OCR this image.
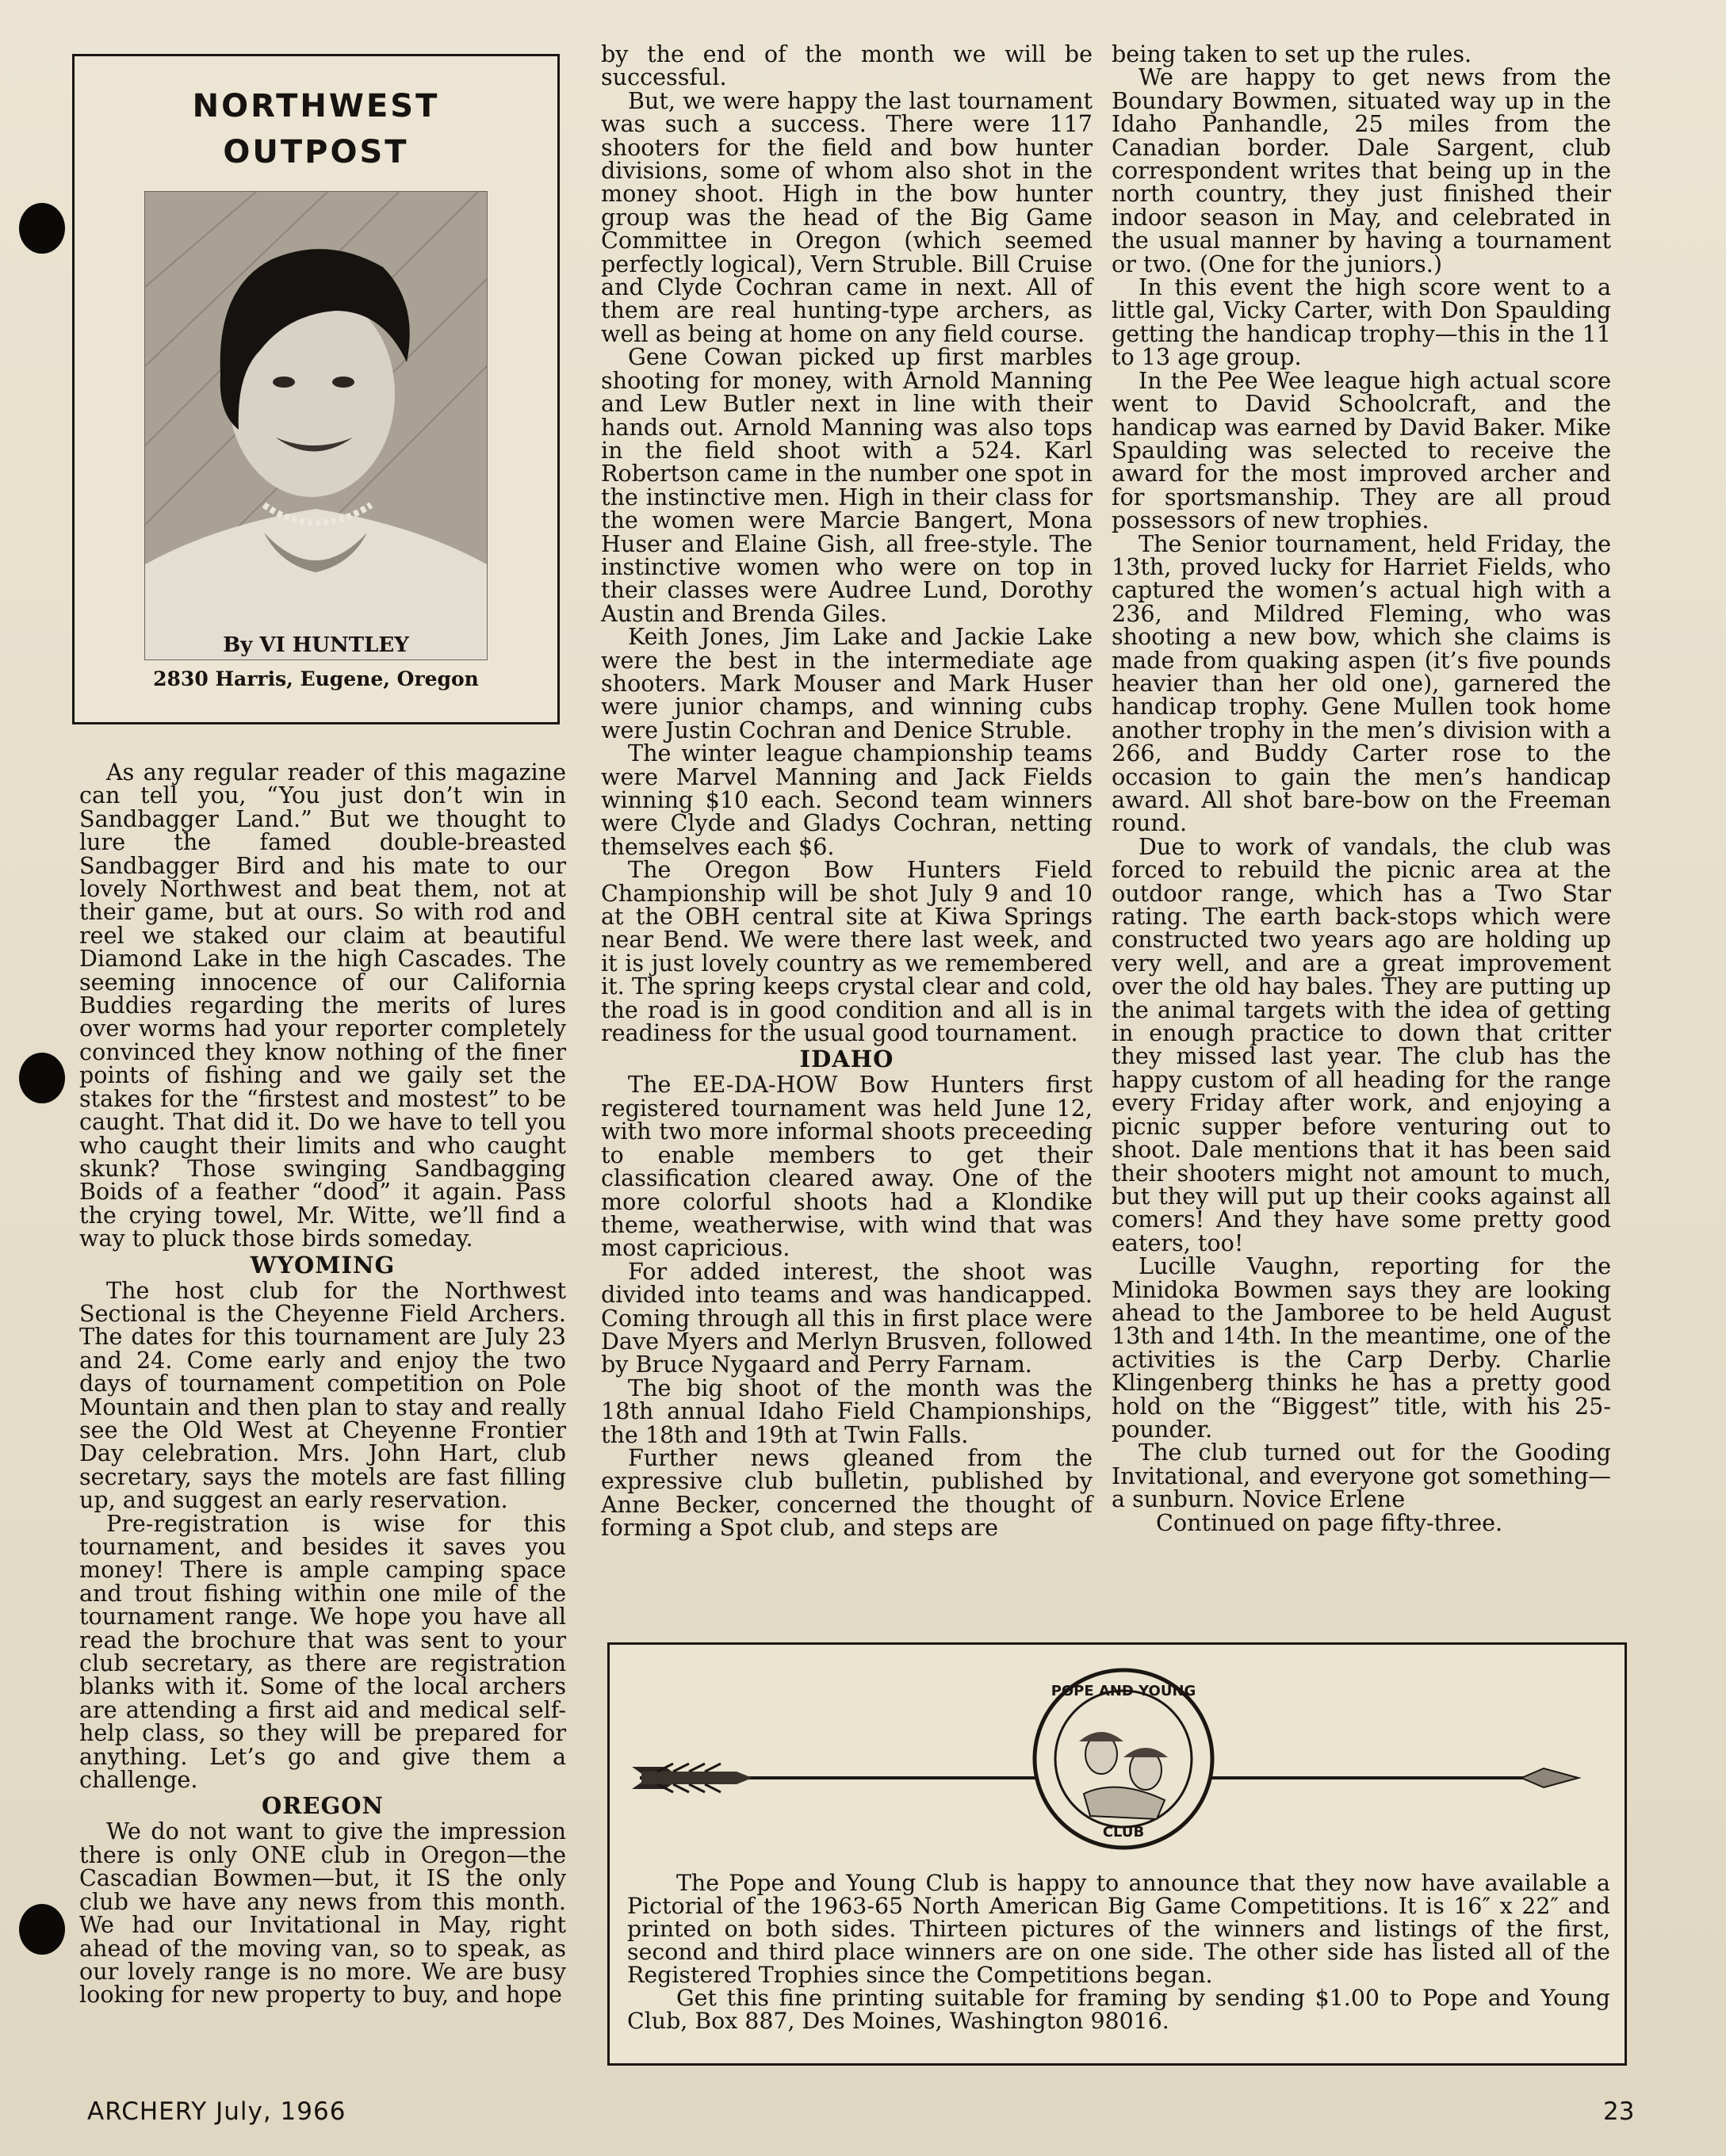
NORTHWEST
OUTPOST
By VI HUNTLEY
2830 Harris, Eugene, Oregon

As any regular reader of this magazine can tell you, “You just don’t win in Sandbagger Land.” But we thought to lure the famed double-breasted Sandbagger Bird and his mate to our lovely Northwest and beat them, not at their game, but at ours. So with rod and reel we staked our claim at beautiful Diamond Lake in the high Cascades. The seeming innocence of our California Buddies regarding the merits of lures over worms had your reporter completely convinced they know nothing of the finer points of fishing and we gaily set the stakes for the “firstest and mostest” to be caught. That did it. Do we have to tell you who caught their limits and who caught skunk? Those swinging Sandbagging Boids of a feather “dood” it again. Pass the crying towel, Mr. Witte, we’ll find a way to pluck those birds someday.

WYOMING

The host club for the Northwest Sectional is the Cheyenne Field Archers. The dates for this tournament are July 23 and 24. Come early and enjoy the two days of tournament competition on Pole Mountain and then plan to stay and really see the Old West at Cheyenne Frontier Day celebration. Mrs. John Hart, club secretary, says the motels are fast filling up, and suggest an early reservation.

Pre-registration is wise for this tournament, and besides it saves you money! There is ample camping space and trout fishing within one mile of the tournament range. We hope you have all read the brochure that was sent to your club secretary, as there are registration blanks with it. Some of the local archers are attending a first aid and medical self-help class, so they will be prepared for anything. Let’s go and give them a challenge.

OREGON

We do not want to give the impression there is only ONE club in Oregon—the Cascadian Bowmen—but, it IS the only club we have any news from this month. We had our Invitational in May, right ahead of the moving van, so to speak, as our lovely range is no more. We are busy looking for new property to buy, and hope

by the end of the month we will be successful.

But, we were happy the last tournament was such a success. There were 117 shooters for the field and bow hunter divisions, some of whom also shot in the money shoot. High in the bow hunter group was the head of the Big Game Committee in Oregon (which seemed perfectly logical), Vern Struble. Bill Cruise and Clyde Cochran came in next. All of them are real hunting-type archers, as well as being at home on any field course.

Gene Cowan picked up first marbles shooting for money, with Arnold Manning and Lew Butler next in line with their hands out. Arnold Manning was also tops in the field shoot with a 524. Karl Robertson came in the number one spot in the instinctive men. High in their class for the women were Marcie Bangert, Mona Huser and Elaine Gish, all free-style. The instinctive women who were on top in their classes were Audree Lund, Dorothy Austin and Brenda Giles.

Keith Jones, Jim Lake and Jackie Lake were the best in the intermediate age shooters. Mark Mouser and Mark Huser were junior champs, and winning cubs were Justin Cochran and Denice Struble.

The winter league championship teams were Marvel Manning and Jack Fields winning $10 each. Second team winners were Clyde and Gladys Cochran, netting themselves each $6.

The Oregon Bow Hunters Field Championship will be shot July 9 and 10 at the OBH central site at Kiwa Springs near Bend. We were there last week, and it is just lovely country as we remembered it. The spring keeps crystal clear and cold, the road is in good condition and all is in readiness for the usual good tournament.

IDAHO

The EE-DA-HOW Bow Hunters first registered tournament was held June 12, with two more informal shoots preceeding to enable members to get their classification cleared away. One of the more colorful shoots had a Klondike theme, weatherwise, with wind that was most capricious.

For added interest, the shoot was divided into teams and was handicapped. Coming through all this in first place were Dave Myers and Merlyn Brusven, followed by Bruce Nygaard and Perry Farnam.

The big shoot of the month was the 18th annual Idaho Field Championships, the 18th and 19th at Twin Falls.

Further news gleaned from the expressive club bulletin, published by Anne Becker, concerned the thought of forming a Spot club, and steps are

being taken to set up the rules.

We are happy to get news from the Boundary Bowmen, situated way up in the Idaho Panhandle, 25 miles from the Canadian border. Dale Sargent, club correspondent writes that being up in the north country, they just finished their indoor season in May, and celebrated in the usual manner by having a tournament or two. (One for the juniors.)

In this event the high score went to a little gal, Vicky Carter, with Don Spaulding getting the handicap trophy—this in the 11 to 13 age group.

In the Pee Wee league high actual score went to David Schoolcraft, and the handicap was earned by David Baker. Mike Spaulding was selected to receive the award for the most improved archer and for sportsmanship. They are all proud possessors of new trophies.

The Senior tournament, held Friday, the 13th, proved lucky for Harriet Fields, who captured the women’s actual high with a 236, and Mildred Fleming, who was shooting a new bow, which she claims is made from quaking aspen (it’s five pounds heavier than her old one), garnered the handicap trophy. Gene Mullen took home another trophy in the men’s division with a 266, and Buddy Carter rose to the occasion to gain the men’s handicap award. All shot bare-bow on the Freeman round.

Due to work of vandals, the club was forced to rebuild the picnic area at the outdoor range, which has a Two Star rating. The earth back-stops which were constructed two years ago are holding up very well, and are a great improvement over the old hay bales. They are putting up the animal targets with the idea of getting in enough practice to down that critter they missed last year. The club has the happy custom of all heading for the range every Friday after work, and enjoying a picnic supper before venturing out to shoot. Dale mentions that it has been said their shooters might not amount to much, but they will put up their cooks against all comers! And they have some pretty good eaters, too!

Lucille Vaughn, reporting for the Minidoka Bowmen says they are looking ahead to the Jamboree to be held August 13th and 14th. In the meantime, one of the activities is the Carp Derby. Charlie Klingenberg thinks he has a pretty good hold on the “Biggest” title, with his 25-pounder.

The club turned out for the Gooding Invitational, and everyone got something—a sunburn. Novice Erlene

Continued on page fifty-three.

POPE AND YOUNG
CLUB

The Pope and Young Club is happy to announce that they now have available a Pictorial of the 1963-65 North American Big Game Competitions. It is 16″ x 22″ and printed on both sides. Thirteen pictures of the winners and listings of the first, second and third place winners are on one side. The other side has listed all of the Registered Trophies since the Competitions began.

Get this fine printing suitable for framing by sending $1.00 to Pope and Young Club, Box 887, Des Moines, Washington 98016.

ARCHERY July, 1966	23
